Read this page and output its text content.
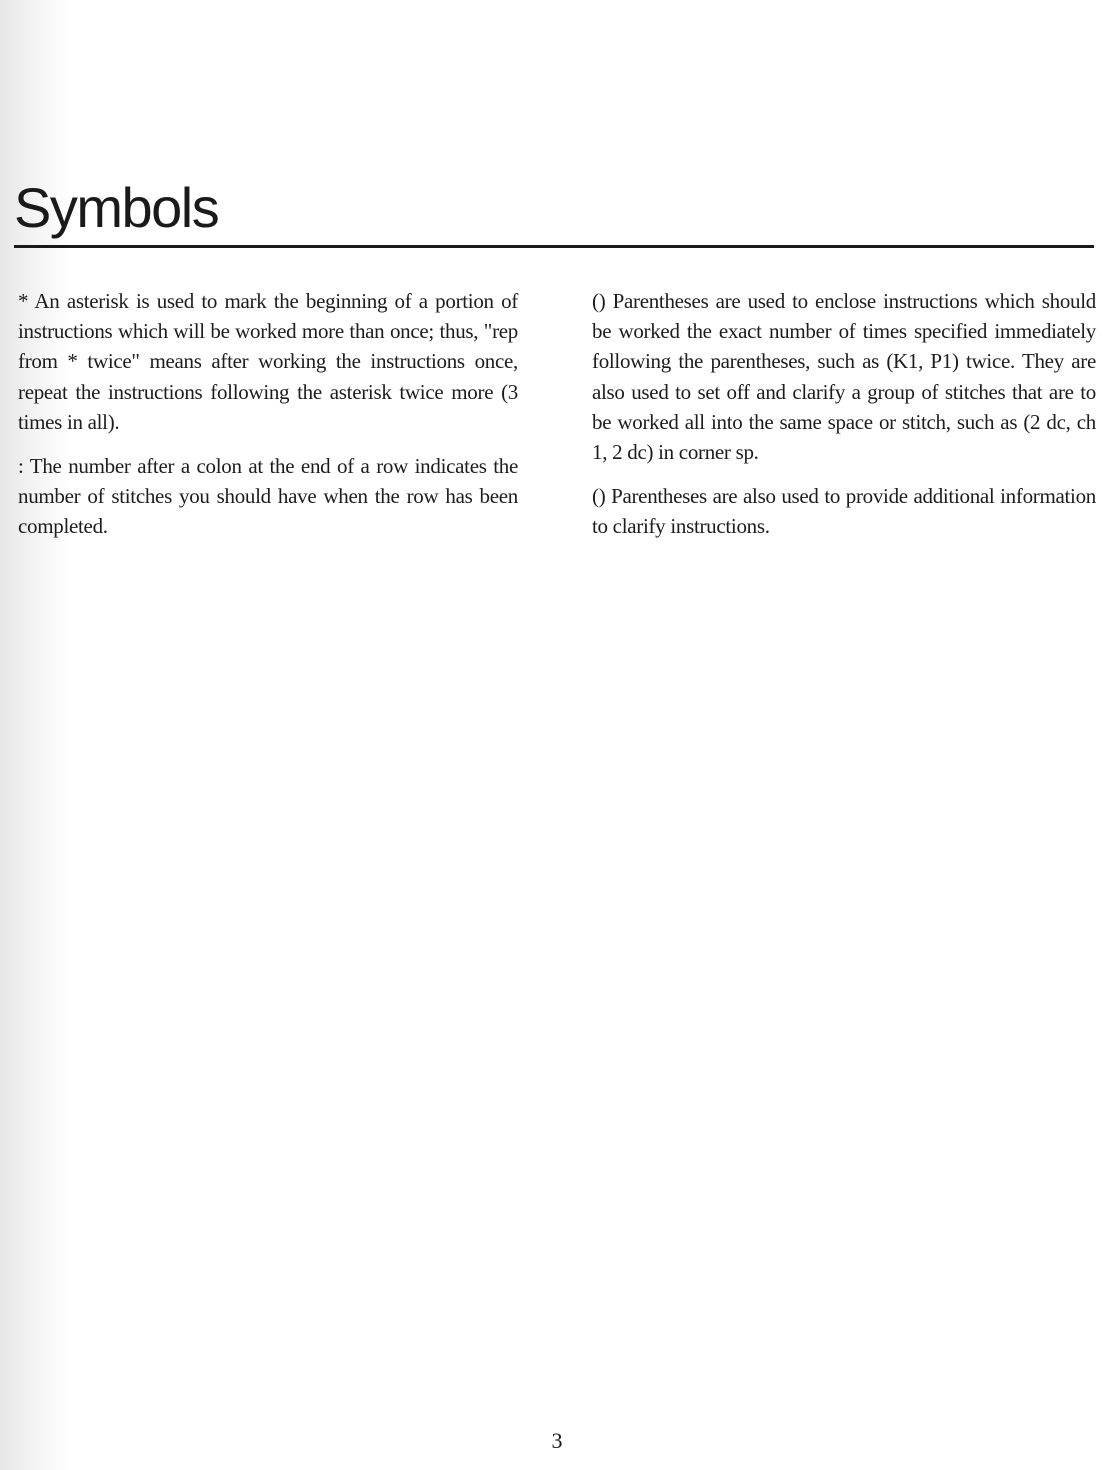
Symbols

* An asterisk is used to mark the beginning of a portion of instructions which will be worked more than once; thus, "rep from * twice" means after working the instructions once, repeat the instructions following the asterisk twice more (3 times in all).

: The number after a colon at the end of a row indicates the number of stitches you should have when the row has been completed.

() Parentheses are used to enclose instructions which should be worked the exact number of times specified immediately following the parentheses, such as (K1, P1) twice. They are also used to set off and clarify a group of stitches that are to be worked all into the same space or stitch, such as (2 dc, ch 1, 2 dc) in corner sp.

() Parentheses are also used to provide additional information to clarify instructions.

3
